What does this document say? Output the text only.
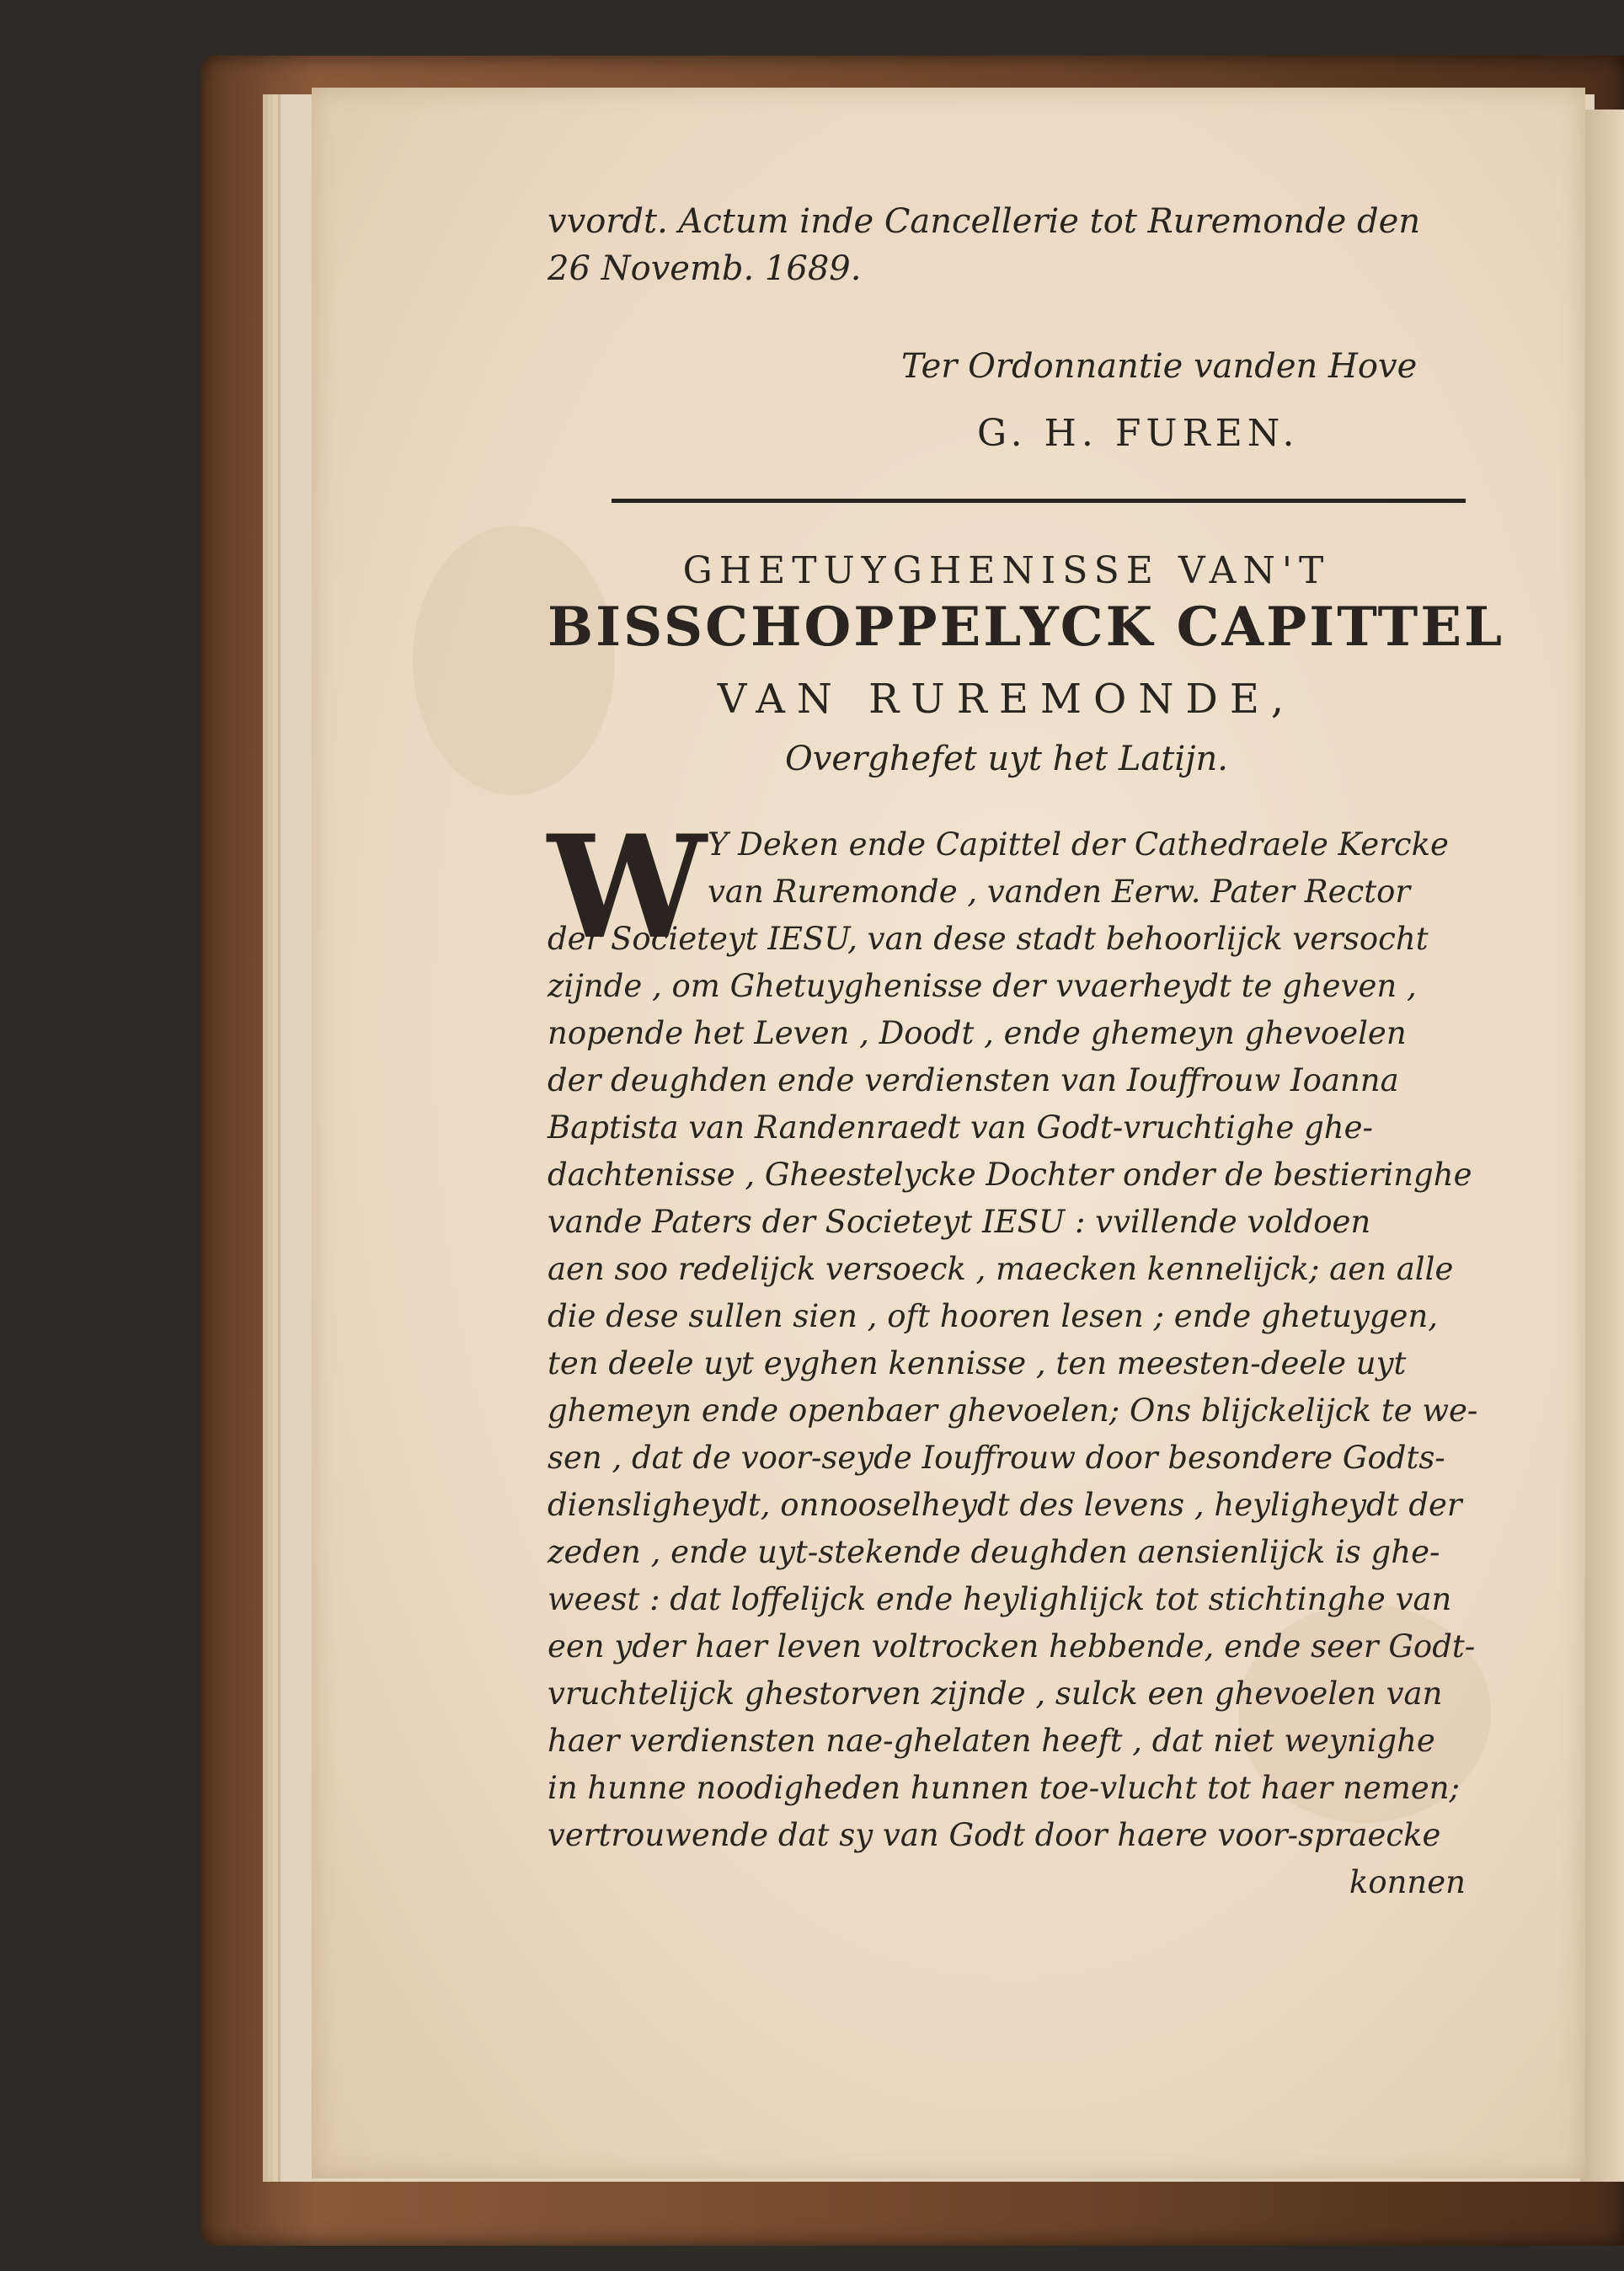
vvordt. Actum inde Cancellerie tot Ruremonde den
26 Novemb. 1689.
Ter Ordonnantie vanden Hove
G. H. FUREN.
GHETUYGHENISSE VAN'T
BISSCHOPPELYCK CAPITTEL
VAN RUREMONDE,
Overghefet uyt het Latijn.
W Y Deken ende Capittel der Cathedraele Kercke
van Ruremonde , vanden Eerw. Pater Rector
der Societeyt IESU, van dese stadt behoorlijck versocht
zijnde , om Ghetuyghenisse der vvaerheydt te gheven ,
nopende het Leven , Doodt , ende ghemeyn ghevoelen
der deughden ende verdiensten van Iouffrouw Ioanna
Baptista van Randenraedt van Godt-vruchtighe ghe-
dachtenisse , Gheestelycke Dochter onder de bestieringhe
vande Paters der Societeyt IESU : vvillende voldoen
aen soo redelijck versoeck , maecken kennelijck; aen alle
die dese sullen sien , oft hooren lesen ; ende ghetuygen,
ten deele uyt eyghen kennisse , ten meesten-deele uyt
ghemeyn ende openbaer ghevoelen; Ons blijckelijck te we-
sen , dat de voor-seyde Iouffrouw door besondere Godts-
diensligheydt, onnooselheydt des levens , heyligheydt der
zeden , ende uyt-stekende deughden aensienlijck is ghe-
weest : dat loffelijck ende heylighlijck tot stichtinghe van
een yder haer leven voltrocken hebbende, ende seer Godt-
vruchtelijck ghestorven zijnde , sulck een ghevoelen van
haer verdiensten nae-ghelaten heeft , dat niet weynighe
in hunne noodigheden hunnen toe-vlucht tot haer nemen;
vertrouwende dat sy van Godt door haere voor-spraecke
konnen
